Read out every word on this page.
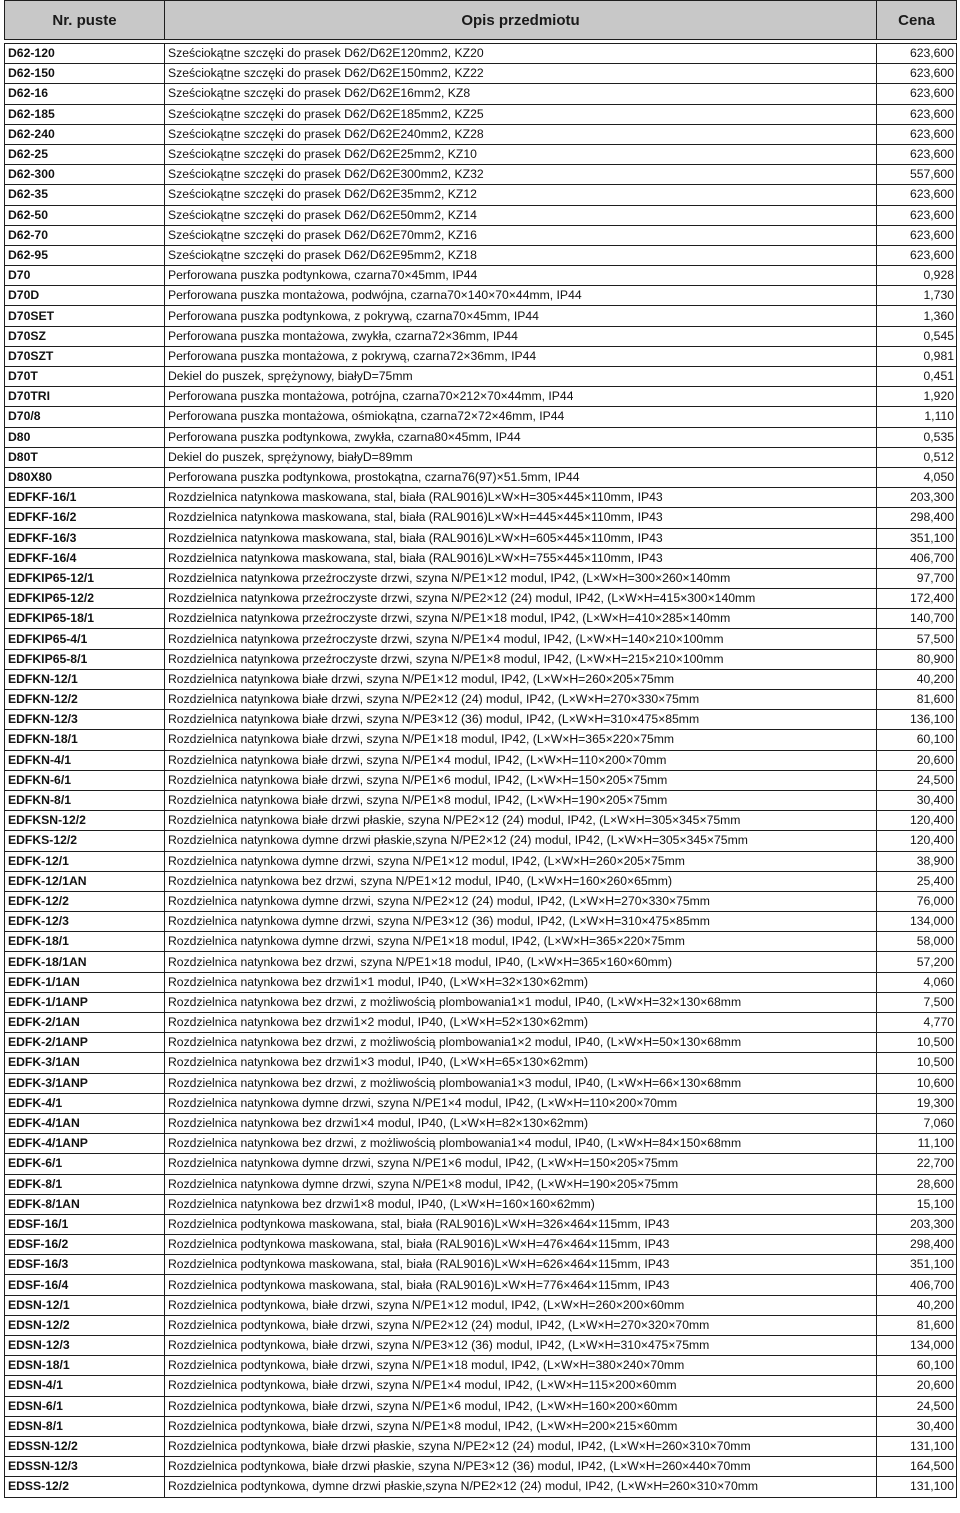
Nr. puste	Opis przedmiotu	Cena

D62-120	Sześciokątne szczęki do prasek D62/D62E120mm2, KZ20	623,600
D62-150	Sześciokątne szczęki do prasek D62/D62E150mm2, KZ22	623,600
D62-16	Sześciokątne szczęki do prasek D62/D62E16mm2, KZ8	623,600
D62-185	Sześciokątne szczęki do prasek D62/D62E185mm2, KZ25	623,600
D62-240	Sześciokątne szczęki do prasek D62/D62E240mm2, KZ28	623,600
D62-25	Sześciokątne szczęki do prasek D62/D62E25mm2, KZ10	623,600
D62-300	Sześciokątne szczęki do prasek D62/D62E300mm2, KZ32	557,600
D62-35	Sześciokątne szczęki do prasek D62/D62E35mm2, KZ12	623,600
D62-50	Sześciokątne szczęki do prasek D62/D62E50mm2, KZ14	623,600
D62-70	Sześciokątne szczęki do prasek D62/D62E70mm2, KZ16	623,600
D62-95	Sześciokątne szczęki do prasek D62/D62E95mm2, KZ18	623,600
D70	Perforowana puszka podtynkowa, czarna70×45mm, IP44	0,928
D70D	Perforowana puszka montażowa, podwójna, czarna70×140×70×44mm, IP44	1,730
D70SET	Perforowana puszka podtynkowa, z pokrywą, czarna70×45mm, IP44	1,360
D70SZ	Perforowana puszka montażowa, zwykła, czarna72×36mm, IP44	0,545
D70SZT	Perforowana puszka montażowa, z pokrywą, czarna72×36mm, IP44	0,981
D70T	Dekiel do puszek, sprężynowy, białyD=75mm	0,451
D70TRI	Perforowana puszka montażowa, potrójna, czarna70×212×70×44mm, IP44	1,920
D70/8	Perforowana puszka montażowa, ośmiokątna, czarna72×72×46mm, IP44	1,110
D80	Perforowana puszka podtynkowa, zwykła, czarna80×45mm, IP44	0,535
D80T	Dekiel do puszek, sprężynowy, białyD=89mm	0,512
D80X80	Perforowana puszka podtynkowa, prostokątna, czarna76(97)×51.5mm, IP44	4,050
EDFKF-16/1	Rozdzielnica natynkowa maskowana, stal, biała (RAL9016)L×W×H=305×445×110mm, IP43	203,300
EDFKF-16/2	Rozdzielnica natynkowa maskowana, stal, biała (RAL9016)L×W×H=445×445×110mm, IP43	298,400
EDFKF-16/3	Rozdzielnica natynkowa maskowana, stal, biała (RAL9016)L×W×H=605×445×110mm, IP43	351,100
EDFKF-16/4	Rozdzielnica natynkowa maskowana, stal, biała (RAL9016)L×W×H=755×445×110mm, IP43	406,700
EDFKIP65-12/1	Rozdzielnica natynkowa przeźroczyste drzwi, szyna N/PE1×12 modul, IP42, (L×W×H=300×260×140mm	97,700
EDFKIP65-12/2	Rozdzielnica natynkowa przeźroczyste drzwi, szyna N/PE2×12 (24) modul, IP42, (L×W×H=415×300×140mm	172,400
EDFKIP65-18/1	Rozdzielnica natynkowa przeźroczyste drzwi, szyna N/PE1×18 modul, IP42, (L×W×H=410×285×140mm	140,700
EDFKIP65-4/1	Rozdzielnica natynkowa przeźroczyste drzwi, szyna N/PE1×4 modul, IP42, (L×W×H=140×210×100mm	57,500
EDFKIP65-8/1	Rozdzielnica natynkowa przeźroczyste drzwi, szyna N/PE1×8 modul, IP42, (L×W×H=215×210×100mm	80,900
EDFKN-12/1	Rozdzielnica natynkowa białe drzwi, szyna N/PE1×12 modul, IP42, (L×W×H=260×205×75mm	40,200
EDFKN-12/2	Rozdzielnica natynkowa białe drzwi, szyna N/PE2×12 (24) modul, IP42, (L×W×H=270×330×75mm	81,600
EDFKN-12/3	Rozdzielnica natynkowa białe drzwi, szyna N/PE3×12 (36) modul, IP42, (L×W×H=310×475×85mm	136,100
EDFKN-18/1	Rozdzielnica natynkowa białe drzwi, szyna N/PE1×18 modul, IP42, (L×W×H=365×220×75mm	60,100
EDFKN-4/1	Rozdzielnica natynkowa białe drzwi, szyna N/PE1×4 modul, IP42, (L×W×H=110×200×70mm	20,600
EDFKN-6/1	Rozdzielnica natynkowa białe drzwi, szyna N/PE1×6 modul, IP42, (L×W×H=150×205×75mm	24,500
EDFKN-8/1	Rozdzielnica natynkowa białe drzwi, szyna N/PE1×8 modul, IP42, (L×W×H=190×205×75mm	30,400
EDFKSN-12/2	Rozdzielnica natynkowa białe drzwi płaskie, szyna N/PE2×12 (24) modul, IP42, (L×W×H=305×345×75mm	120,400
EDFKS-12/2	Rozdzielnica natynkowa dymne drzwi płaskie,szyna N/PE2×12 (24) modul, IP42, (L×W×H=305×345×75mm	120,400
EDFK-12/1	Rozdzielnica natynkowa dymne drzwi, szyna N/PE1×12 modul, IP42, (L×W×H=260×205×75mm	38,900
EDFK-12/1AN	Rozdzielnica natynkowa bez drzwi, szyna N/PE1×12 modul, IP40, (L×W×H=160×260×65mm)	25,400
EDFK-12/2	Rozdzielnica natynkowa dymne drzwi, szyna N/PE2×12 (24) modul, IP42, (L×W×H=270×330×75mm	76,000
EDFK-12/3	Rozdzielnica natynkowa dymne drzwi, szyna N/PE3×12 (36) modul, IP42, (L×W×H=310×475×85mm	134,000
EDFK-18/1	Rozdzielnica natynkowa dymne drzwi, szyna N/PE1×18 modul, IP42, (L×W×H=365×220×75mm	58,000
EDFK-18/1AN	Rozdzielnica natynkowa bez drzwi, szyna N/PE1×18 modul, IP40, (L×W×H=365×160×60mm)	57,200
EDFK-1/1AN	Rozdzielnica natynkowa bez drzwi1×1 modul, IP40, (L×W×H=32×130×62mm)	4,060
EDFK-1/1ANP	Rozdzielnica natynkowa bez drzwi, z możliwością plombowania1×1 modul, IP40, (L×W×H=32×130×68mm	7,500
EDFK-2/1AN	Rozdzielnica natynkowa bez drzwi1×2 modul, IP40, (L×W×H=52×130×62mm)	4,770
EDFK-2/1ANP	Rozdzielnica natynkowa bez drzwi, z możliwością plombowania1×2 modul, IP40, (L×W×H=50×130×68mm	10,500
EDFK-3/1AN	Rozdzielnica natynkowa bez drzwi1×3 modul, IP40, (L×W×H=65×130×62mm)	10,500
EDFK-3/1ANP	Rozdzielnica natynkowa bez drzwi, z możliwością plombowania1×3 modul, IP40, (L×W×H=66×130×68mm	10,600
EDFK-4/1	Rozdzielnica natynkowa dymne drzwi, szyna N/PE1×4 modul, IP42, (L×W×H=110×200×70mm	19,300
EDFK-4/1AN	Rozdzielnica natynkowa bez drzwi1×4 modul, IP40, (L×W×H=82×130×62mm)	7,060
EDFK-4/1ANP	Rozdzielnica natynkowa bez drzwi, z możliwością plombowania1×4 modul, IP40, (L×W×H=84×150×68mm	11,100
EDFK-6/1	Rozdzielnica natynkowa dymne drzwi, szyna N/PE1×6 modul, IP42, (L×W×H=150×205×75mm	22,700
EDFK-8/1	Rozdzielnica natynkowa dymne drzwi, szyna N/PE1×8 modul, IP42, (L×W×H=190×205×75mm	28,600
EDFK-8/1AN	Rozdzielnica natynkowa bez drzwi1×8 modul, IP40, (L×W×H=160×160×62mm)	15,100
EDSF-16/1	Rozdzielnica podtynkowa maskowana, stal, biała (RAL9016)L×W×H=326×464×115mm, IP43	203,300
EDSF-16/2	Rozdzielnica podtynkowa maskowana, stal, biała (RAL9016)L×W×H=476×464×115mm, IP43	298,400
EDSF-16/3	Rozdzielnica podtynkowa maskowana, stal, biała (RAL9016)L×W×H=626×464×115mm, IP43	351,100
EDSF-16/4	Rozdzielnica podtynkowa maskowana, stal, biała (RAL9016)L×W×H=776×464×115mm, IP43	406,700
EDSN-12/1	Rozdzielnica podtynkowa, białe drzwi, szyna N/PE1×12 modul, IP42, (L×W×H=260×200×60mm	40,200
EDSN-12/2	Rozdzielnica podtynkowa, białe drzwi, szyna N/PE2×12 (24) modul, IP42, (L×W×H=270×320×70mm	81,600
EDSN-12/3	Rozdzielnica podtynkowa, białe drzwi, szyna N/PE3×12 (36) modul, IP42, (L×W×H=310×475×75mm	134,000
EDSN-18/1	Rozdzielnica podtynkowa, białe drzwi, szyna N/PE1×18 modul, IP42, (L×W×H=380×240×70mm	60,100
EDSN-4/1	Rozdzielnica podtynkowa, białe drzwi, szyna N/PE1×4 modul, IP42, (L×W×H=115×200×60mm	20,600
EDSN-6/1	Rozdzielnica podtynkowa, białe drzwi, szyna N/PE1×6 modul, IP42, (L×W×H=160×200×60mm	24,500
EDSN-8/1	Rozdzielnica podtynkowa, białe drzwi, szyna N/PE1×8 modul, IP42, (L×W×H=200×215×60mm	30,400
EDSSN-12/2	Rozdzielnica podtynkowa, białe drzwi płaskie, szyna N/PE2×12 (24) modul, IP42, (L×W×H=260×310×70mm	131,100
EDSSN-12/3	Rozdzielnica podtynkowa, białe drzwi płaskie, szyna N/PE3×12 (36) modul, IP42, (L×W×H=260×440×70mm	164,500
EDSS-12/2	Rozdzielnica podtynkowa, dymne drzwi płaskie,szyna N/PE2×12 (24) modul, IP42, (L×W×H=260×310×70mm	131,100
